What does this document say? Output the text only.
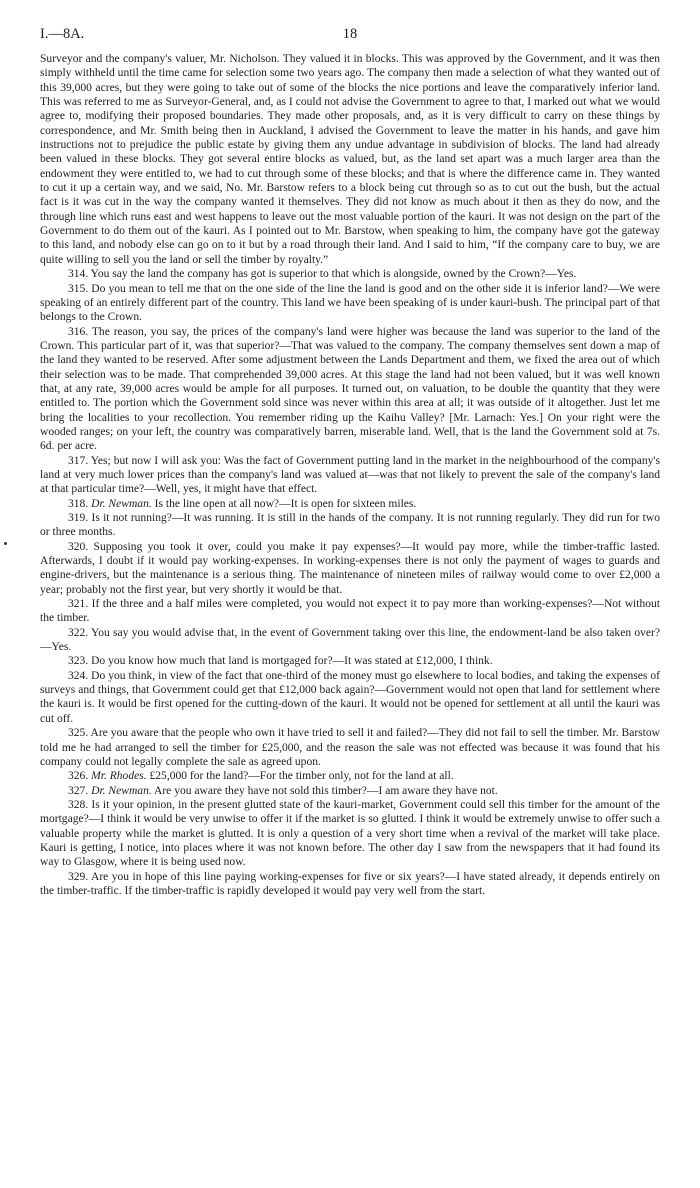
I.—8A.	18

Surveyor and the company's valuer, Mr. Nicholson. They valued it in blocks. This was approved by the Government, and it was then simply withheld until the time came for selection some two years ago. The company then made a selection of what they wanted out of this 39,000 acres, but they were going to take out of some of the blocks the nice portions and leave the comparatively inferior land. This was referred to me as Surveyor-General, and, as I could not advise the Government to agree to that, I marked out what we would agree to, modifying their proposed boundaries. They made other proposals, and, as it is very difficult to carry on these things by correspondence, and Mr. Smith being then in Auckland, I advised the Government to leave the matter in his hands, and gave him instructions not to prejudice the public estate by giving them any undue advantage in subdivision of blocks. The land had already been valued in these blocks. They got several entire blocks as valued, but, as the land set apart was a much larger area than the endowment they were entitled to, we had to cut through some of these blocks; and that is where the difference came in. They wanted to cut it up a certain way, and we said, No. Mr. Barstow refers to a block being cut through so as to cut out the bush, but the actual fact is it was cut in the way the company wanted it themselves. They did not know as much about it then as they do now, and the through line which runs east and west happens to leave out the most valuable portion of the kauri. It was not design on the part of the Government to do them out of the kauri. As I pointed out to Mr. Barstow, when speaking to him, the company have got the gateway to this land, and nobody else can go on to it but by a road through their land. And I said to him, “If the company care to buy, we are quite willing to sell you the land or sell the timber by royalty.”

314. You say the land the company has got is superior to that which is alongside, owned by the Crown?—Yes.

315. Do you mean to tell me that on the one side of the line the land is good and on the other side it is inferior land?—We were speaking of an entirely different part of the country. This land we have been speaking of is under kauri-bush. The principal part of that belongs to the Crown.

316. The reason, you say, the prices of the company's land were higher was because the land was superior to the land of the Crown. This particular part of it, was that superior?—That was valued to the company. The company themselves sent down a map of the land they wanted to be reserved. After some adjustment between the Lands Department and them, we fixed the area out of which their selection was to be made. That comprehended 39,000 acres. At this stage the land had not been valued, but it was well known that, at any rate, 39,000 acres would be ample for all purposes. It turned out, on valuation, to be double the quantity that they were entitled to. The portion which the Government sold since was never within this area at all; it was outside of it altogether. Just let me bring the localities to your recollection. You remember riding up the Kaihu Valley? [Mr. Larnach: Yes.] On your right were the wooded ranges; on your left, the country was comparatively barren, miserable land. Well, that is the land the Government sold at 7s. 6d. per acre.

317. Yes; but now I will ask you: Was the fact of Government putting land in the market in the neighbourhood of the company's land at very much lower prices than the company's land was valued at—was that not likely to prevent the sale of the company's land at that particular time?—Well, yes, it might have that effect.

318. Dr. Newman. Is the line open at all now?—It is open for sixteen miles.

319. Is it not running?—It was running. It is still in the hands of the company. It is not running regularly. They did run for two or three months.

320. Supposing you took it over, could you make it pay expenses?—It would pay more, while the timber-traffic lasted. Afterwards, I doubt if it would pay working-expenses. In working-expenses there is not only the payment of wages to guards and engine-drivers, but the maintenance is a serious thing. The maintenance of nineteen miles of railway would come to over £2,000 a year; probably not the first year, but very shortly it would be that.

321. If the three and a half miles were completed, you would not expect it to pay more than working-expenses?—Not without the timber.

322. You say you would advise that, in the event of Government taking over this line, the endowment-land be also taken over?—Yes.

323. Do you know how much that land is mortgaged for?—It was stated at £12,000, I think.

324. Do you think, in view of the fact that one-third of the money must go elsewhere to local bodies, and taking the expenses of surveys and things, that Government could get that £12,000 back again?—Government would not open that land for settlement where the kauri is. It would be first opened for the cutting-down of the kauri. It would not be opened for settlement at all until the kauri was cut off.

325. Are you aware that the people who own it have tried to sell it and failed?—They did not fail to sell the timber. Mr. Barstow told me he had arranged to sell the timber for £25,000, and the reason the sale was not effected was because it was found that his company could not legally complete the sale as agreed upon.

326. Mr. Rhodes. £25,000 for the land?—For the timber only, not for the land at all.

327. Dr. Newman. Are you aware they have not sold this timber?—I am aware they have not.

328. Is it your opinion, in the present glutted state of the kauri-market, Government could sell this timber for the amount of the mortgage?—I think it would be very unwise to offer it if the market is so glutted. I think it would be extremely unwise to offer such a valuable property while the market is glutted. It is only a question of a very short time when a revival of the market will take place. Kauri is getting, I notice, into places where it was not known before. The other day I saw from the newspapers that it had found its way to Glasgow, where it is being used now.

329. Are you in hope of this line paying working-expenses for five or six years?—I have stated already, it depends entirely on the timber-traffic. If the timber-traffic is rapidly developed it would pay very well from the start.
